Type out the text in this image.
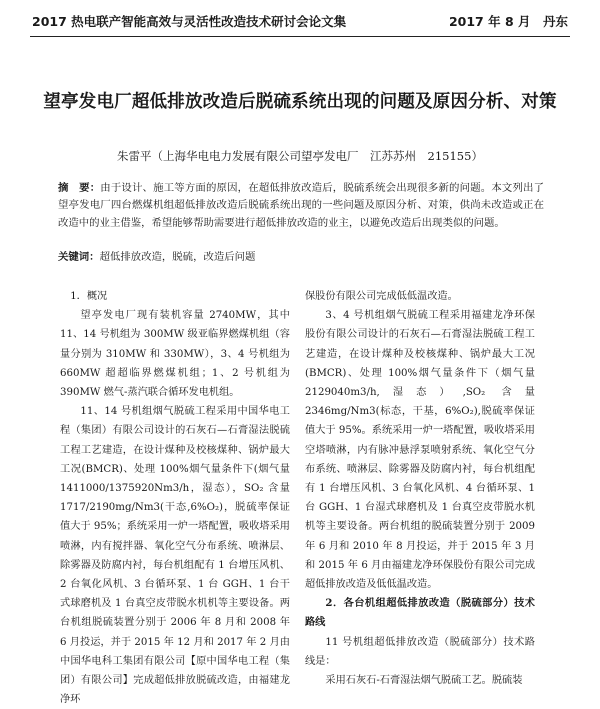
2017 热电联产智能高效与灵活性改造技术研讨会论文集	2017 年 8 月　丹东
望亭发电厂超低排放改造后脱硫系统出现的问题及原因分析、对策
朱雷平（上海华电电力发展有限公司望亭发电厂　江苏苏州　215155）
摘　要：由于设计、施工等方面的原因，在超低排放改造后，脱硫系统会出现很多新的问题。本文列出了望亭发电厂四台燃煤机组超低排放改造后脱硫系统出现的一些问题及原因分析、对策，供尚未改造或正在改造中的业主借鉴，希望能够帮助需要进行超低排放改造的业主，以避免改造后出现类似的问题。
关键词：超低排放改造，脱硫，改造后问题

1．概况

望亭发电厂现有装机容量 2740MW，其中 11、14 号机组为 300MW 级亚临界燃煤机组（容量分别为 310MW 和 330MW），3、4 号机组为 660MW 超超临界燃煤机组；1、2 号机组为 390MW 燃气-蒸汽联合循环发电机组。

11、14 号机组烟气脱硫工程采用中国华电工程（集团）有限公司设计的石灰石—石膏湿法脱硫工程工艺建造，在设计煤种及校核煤种、锅炉最大工况(BMCR)、处理 100%烟气量条件下(烟气量 1411000/1375920Nm3/h，湿态），SO₂ 含量 1717/2190mg/Nm3(干态,6%O₂)，脱硫率保证值大于 95%；系统采用一炉一塔配置，吸收塔采用喷淋，内有搅拌器、氧化空气分布系统、喷淋层、除雾器及防腐内衬，每台机组配有 1 台增压风机、2 台氧化风机、3 台循环泵、1 台 GGH、1 台干式球磨机及 1 台真空皮带脱水机机等主要设备。两台机组脱硫装置分别于 2006 年 8 月和 2008 年 6 月投运，并于 2015 年 12 月和 2017 年 2 月由中国华电科工集团有限公司【原中国华电工程（集团）有限公司】完成超低排放脱硫改造，由福建龙净环

保股份有限公司完成低低温改造。

3、4 号机组烟气脱硫工程采用福建龙净环保股份有限公司设计的石灰石—石膏湿法脱硫工程工艺建造，在设计煤种及校核煤种、锅炉最大工况(BMCR)、处理 100%烟气量条件下（烟气量 2129040m3/h,湿态）,SO₂ 含量 2346mg/Nm3(标态，干基，6%O₂),脱硫率保证值大于 95%。系统采用一炉一塔配置，吸收塔采用空塔喷淋，内有脉冲悬浮泵喷射系统、氧化空气分布系统、喷淋层、除雾器及防腐内衬，每台机组配有 1 台增压风机、3 台氧化风机、4 台循环泵、1 台 GGH、1 台湿式球磨机及 1 台真空皮带脱水机机等主要设备。两台机组的脱硫装置分别于 2009 年 6 月和 2010 年 8 月投运，并于 2015 年 3 月和 2015 年 6 月由福建龙净环保股份有限公司完成超低排放改造及低低温改造。

2．各台机组超低排放改造（脱硫部分）技术路线

11 号机组超低排放改造（脱硫部分）技术路线是：

采用石灰石-石膏湿法烟气脱硫工艺。脱硫装
